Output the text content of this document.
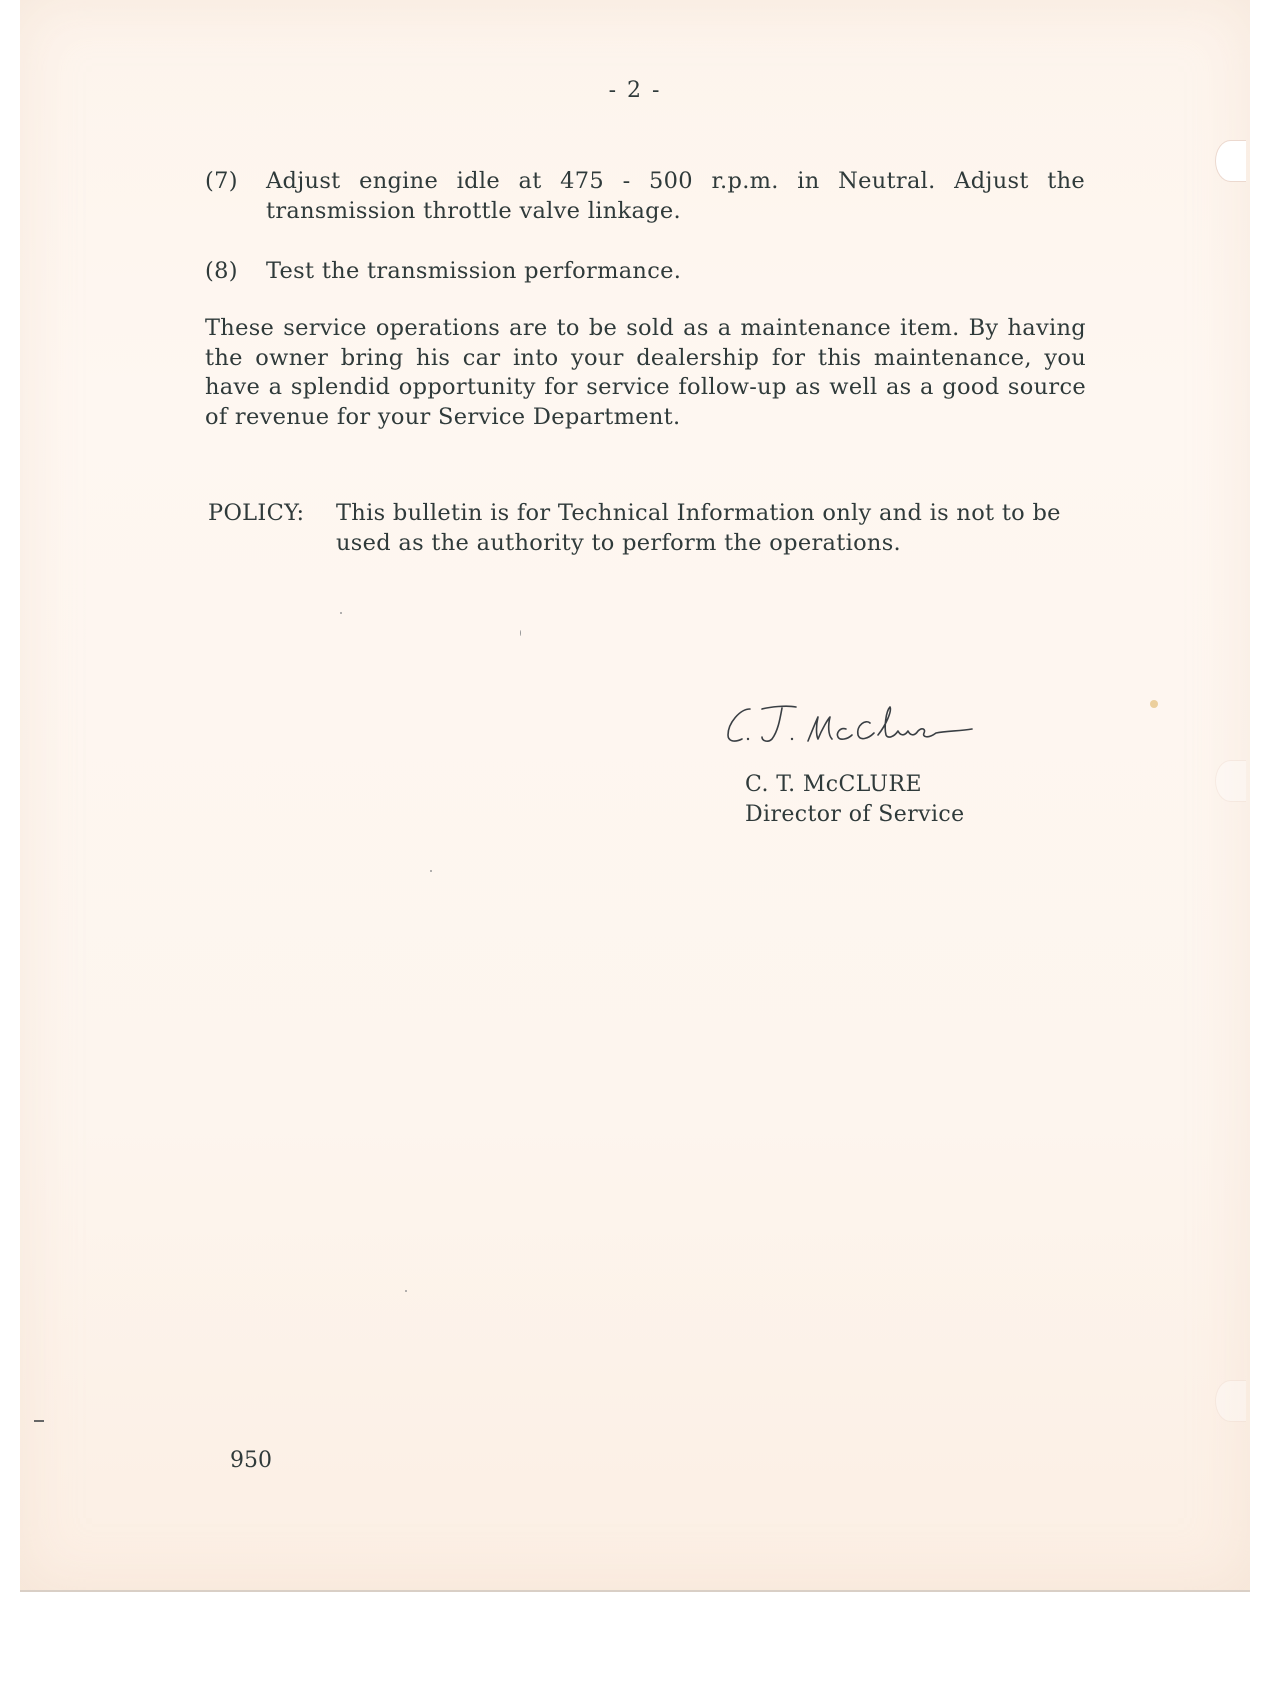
- 2 -
(7) Adjust engine idle at 475 - 500 r.p.m. in Neutral. Adjust the transmission throttle valve linkage.
(8) Test the transmission performance.
These service operations are to be sold as a maintenance item. By having the owner bring his car into your dealership for this maintenance, you have a splendid opportunity for service follow-up as well as a good source of revenue for your Service Department.
POLICY: This bulletin is for Technical Information only and is not to be used as the authority to perform the operations.
C. T. McCLURE
Director of Service
950
